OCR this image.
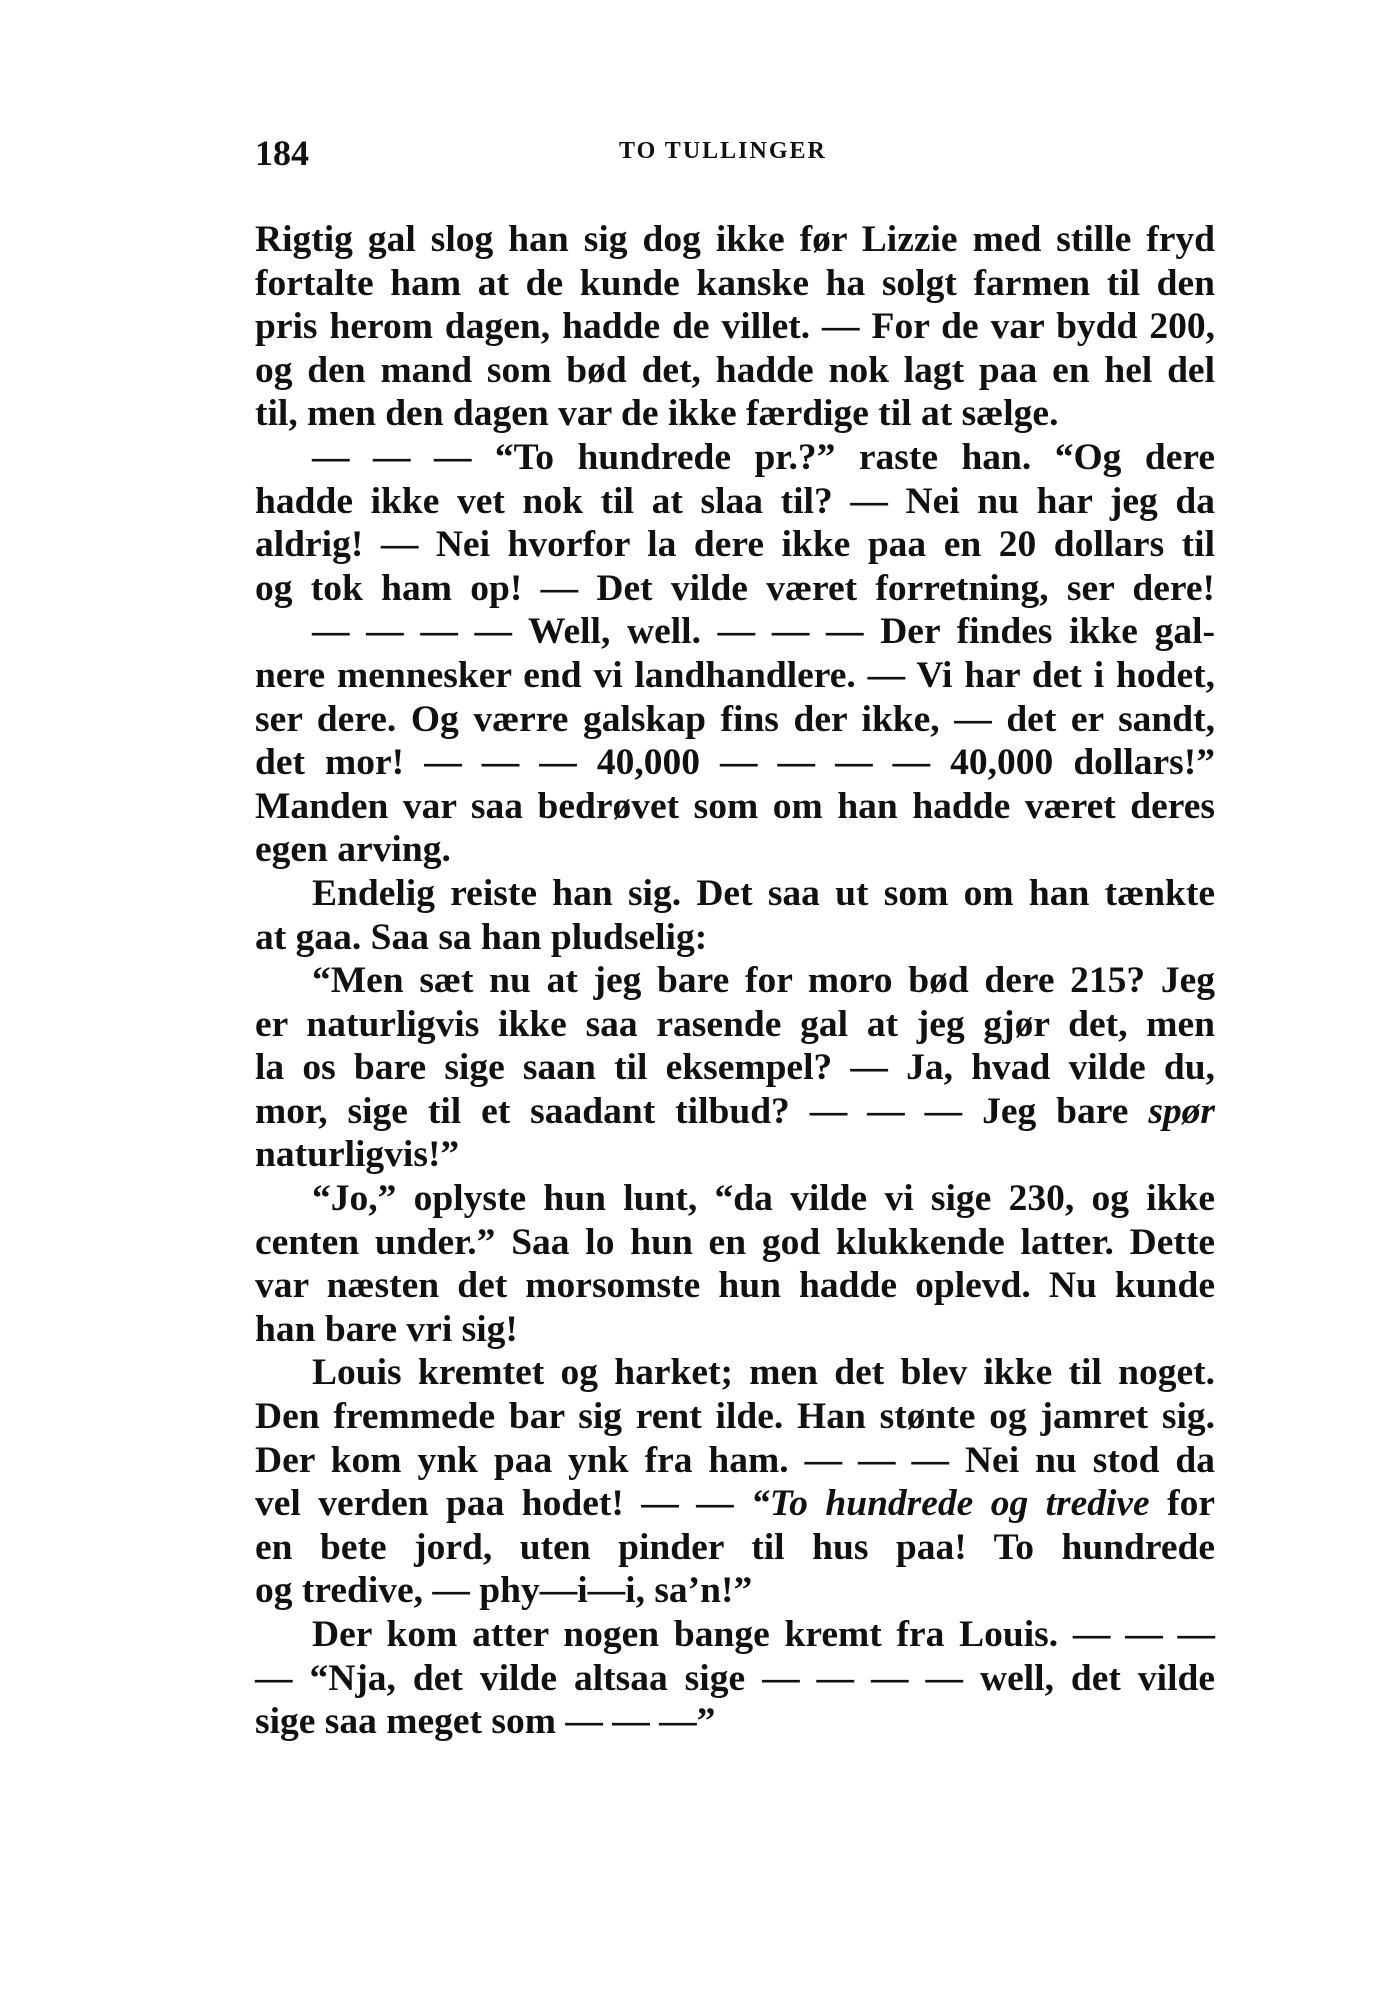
184	TO TULLINGER
Rigtig gal slog han sig dog ikke før Lizzie med stille fryd
fortalte ham at de kunde kanske ha solgt farmen til den
pris herom dagen, hadde de villet. — For de var bydd 200,
og den mand som bød det, hadde nok lagt paa en hel del
til, men den dagen var de ikke færdige til at sælge.
— — — “To hundrede pr.?” raste han. “Og dere
hadde ikke vet nok til at slaa til? — Nei nu har jeg da
aldrig! — Nei hvorfor la dere ikke paa en 20 dollars til
og tok ham op! — Det vilde været forretning, ser dere!
— — — — Well, well. — — — Der findes ikke gal-
nere mennesker end vi landhandlere. — Vi har det i hodet,
ser dere. Og værre galskap fins der ikke, — det er sandt,
det mor! — — — 40,000 — — — — 40,000 dollars!”
Manden var saa bedrøvet som om han hadde været deres
egen arving.
Endelig reiste han sig. Det saa ut som om han tænkte
at gaa. Saa sa han pludselig:
“Men sæt nu at jeg bare for moro bød dere 215? Jeg
er naturligvis ikke saa rasende gal at jeg gjør det, men
la os bare sige saan til eksempel? — Ja, hvad vilde du,
mor, sige til et saadant tilbud? — — — Jeg bare spør
naturligvis!”
“Jo,” oplyste hun lunt, “da vilde vi sige 230, og ikke
centen under.” Saa lo hun en god klukkende latter. Dette
var næsten det morsomste hun hadde oplevd. Nu kunde
han bare vri sig!
Louis kremtet og harket; men det blev ikke til noget.
Den fremmede bar sig rent ilde. Han stønte og jamret sig.
Der kom ynk paa ynk fra ham. — — — Nei nu stod da
vel verden paa hodet! — — “To hundrede og tredive for
en bete jord, uten pinder til hus paa! To hundrede
og tredive, — phy—i—i, sa’n!”
Der kom atter nogen bange kremt fra Louis. — — —
— “Nja, det vilde altsaa sige — — — — well, det vilde
sige saa meget som — — —”
